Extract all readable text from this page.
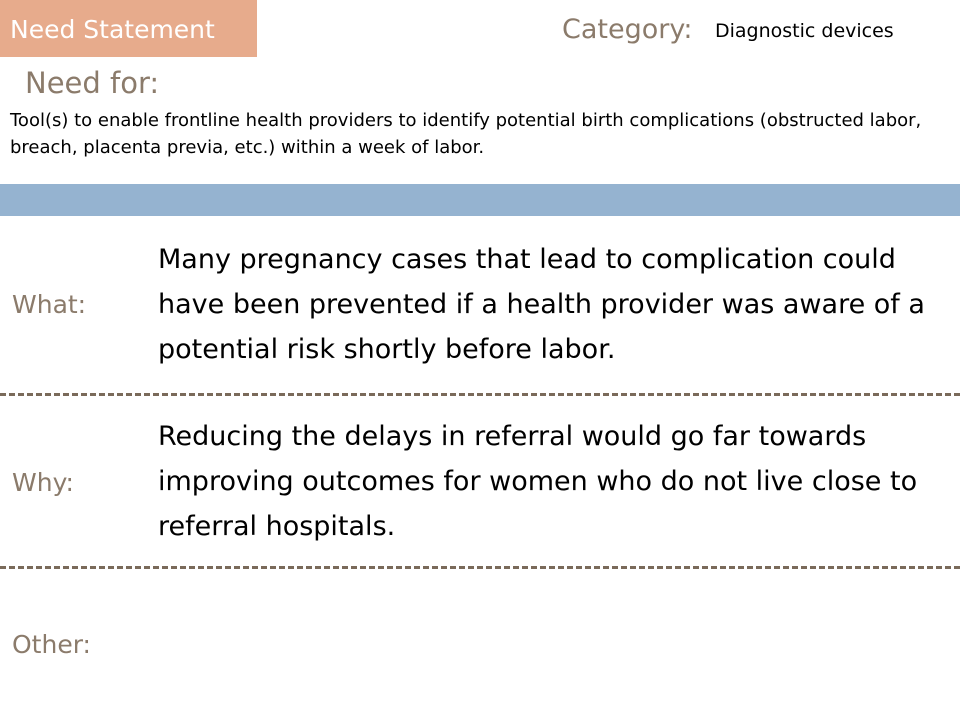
Need Statement	Category: Diagnostic devices
Need for:
Tool(s) to enable frontline health providers to identify potential birth complications (obstructed labor, breach, placenta previa, etc.) within a week of labor.
What:
Many pregnancy cases that lead to complication could have been prevented if a health provider was aware of a potential risk shortly before labor.
Why:
Reducing the delays in referral would go far towards improving outcomes for women who do not live close to referral hospitals.
Other:
